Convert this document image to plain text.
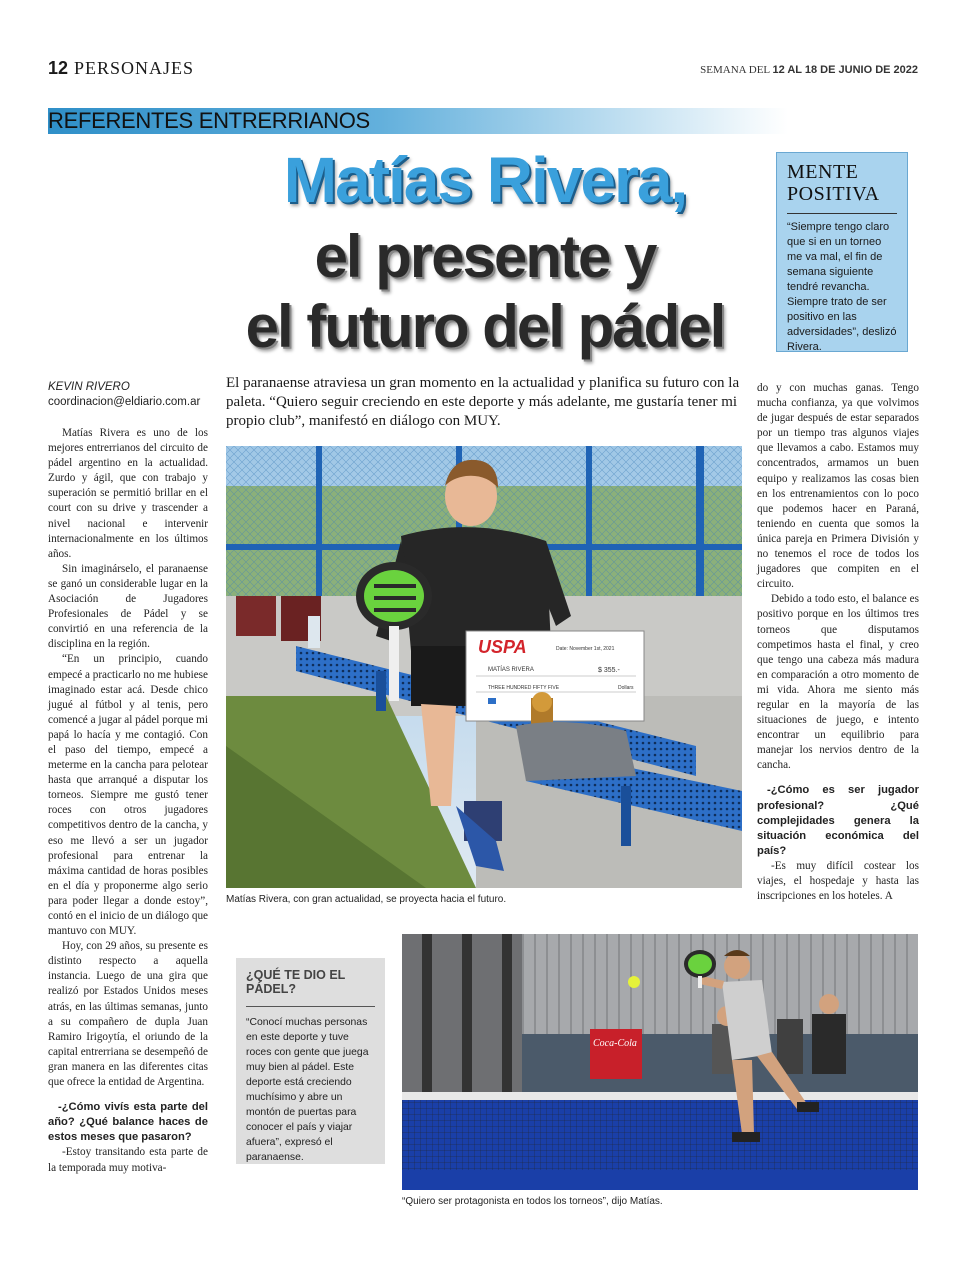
12 PERSONAJES	SEMANA DEL 12 AL 18 DE JUNIO DE 2022
REFERENTES ENTRERRIANOS
Matías Rivera,
el presente y
el futuro del pádel
MENTE POSITIVA

“Siempre tengo claro que si en un torneo me va mal, el fin de semana siguiente tendré revancha. Siempre trato de ser positivo en las adversidades”, deslizó Rivera.

KEVIN RIVERO
coordinacion@eldiario.com.ar
El paranaense atraviesa un gran momento en la actualidad y planifica su futuro con la paleta. “Quiero seguir creciendo en este deporte y más adelante, me gustaría tener mi propio club”, manifestó en diálogo con MUY.

Matías Rivera es uno de los mejores entrerrianos del circuito de pádel argentino en la actualidad. Zurdo y ágil, que con trabajo y superación se permitió brillar en el court con su drive y trascender a nivel nacional e intervenir internacionalmente en los últimos años.

Sin imaginárselo, el paranaense se ganó un considerable lugar en la Asociación de Jugadores Profesionales de Pádel y se convirtió en una referencia de la disciplina en la región.

“En un principio, cuando empecé a practicarlo no me hubiese imaginado estar acá. Desde chico jugué al fútbol y al tenis, pero comencé a jugar al pádel porque mi papá lo hacía y me contagió. Con el paso del tiempo, empecé a meterme en la cancha para pelotear hasta que arranqué a disputar los torneos. Siempre me gustó tener roces con otros jugadores competitivos dentro de la cancha, y eso me llevó a ser un jugador profesional para entrenar la máxima cantidad de horas posibles en el día y proponerme algo serio para poder llegar a donde estoy”, contó en el inicio de un diálogo que mantuvo con MUY.

Hoy, con 29 años, su presente es distinto respecto a aquella instancia. Luego de una gira que realizó por Estados Unidos meses atrás, en las últimas semanas, junto a su compañero de dupla Juan Ramiro Irigoytía, el oriundo de la capital entrerriana se desempeñó de gran manera en las diferentes citas que ofrece la entidad de Argentina.

-¿Cómo vivís esta parte del año? ¿Qué balance haces de estos meses que pasaron?

-Estoy transitando esta parte de la temporada muy motiva-

do y con muchas ganas. Tengo mucha confianza, ya que volvimos de jugar después de estar separados por un tiempo tras algunos viajes que llevamos a cabo. Estamos muy concentrados, armamos un buen equipo y realizamos las cosas bien en los entrenamientos con lo poco que podemos hacer en Paraná, teniendo en cuenta que somos la única pareja en Primera División y no tenemos el roce de todos los jugadores que compiten en el circuito.

Debido a todo esto, el balance es positivo porque en los últimos tres torneos que disputamos competimos hasta el final, y creo que tengo una cabeza más madura en comparación a otro momento de mi vida. Ahora me siento más regular en la mayoría de las situaciones de juego, e intento encontrar un equilibrio para manejar los nervios dentro de la cancha.

-¿Cómo es ser jugador profesional? ¿Qué complejidades genera la situación económica del país?

-Es muy difícil costear los viajes, el hospedaje y hasta las inscripciones en los hoteles. A

USPA	Date: November 1st, 2021
$ 355.-
MATÍAS RIVERA
THREE HUNDRED FIFTY FIVE	Dollars
Matías Rivera, con gran actualidad, se proyecta hacia el futuro.
¿QUÉ TE DIO EL PÁDEL?

“Conocí muchas personas en este deporte y tuve roces con gente que juega muy bien al pádel. Este deporte está creciendo muchísimo y abre un montón de puertas para conocer el país y viajar afuera”, expresó el paranaense.

Coca-Cola
“Quiero ser protagonista en todos los torneos”, dijo Matías.
